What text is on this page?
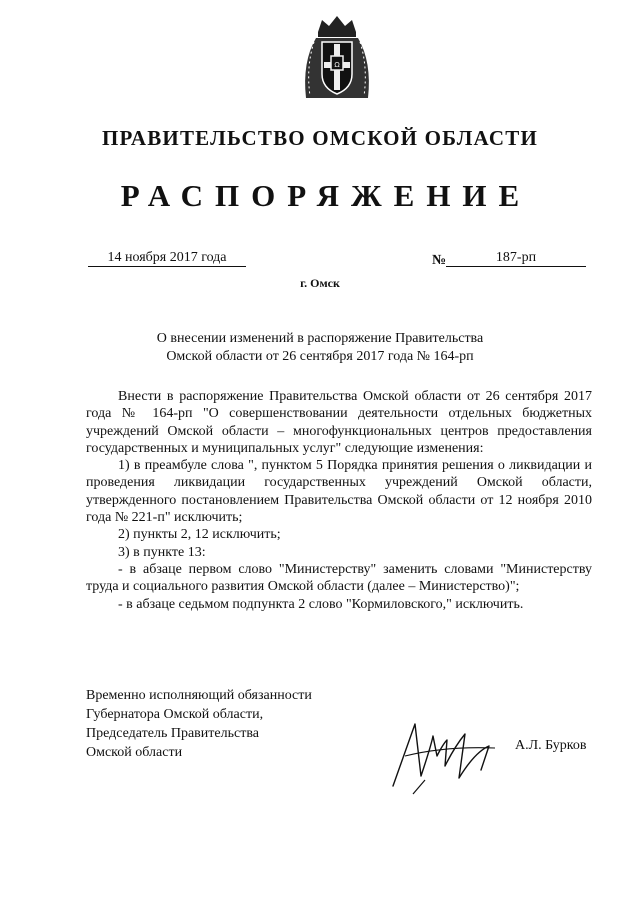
Ω
ПРАВИТЕЛЬСТВО ОМСКОЙ ОБЛАСТИ
РАСПОРЯЖЕНИЕ
14 ноября 2017 года	№	187-рп
г. Омск
О внесении изменений в распоряжение Правительства
Омской области от 26 сентября 2017 года № 164-рп

Внести в распоряжение Правительства Омской области от 26 сентября 2017 года № 164-рп "О совершенствовании деятельности отдельных бюджетных учреждений Омской области – многофункциональных центров предоставления государственных и муниципальных услуг" следующие изменения:

1) в преамбуле слова ", пунктом 5 Порядка принятия решения о ликвидации и проведения ликвидации государственных учреждений Омской области, утвержденного постановлением Правительства Омской области от 12 ноября 2010 года № 221-п" исключить;

2) пункты 2, 12 исключить;

3) в пункте 13:

- в абзаце первом слово "Министерству" заменить словами "Министерству труда и социального развития Омской области (далее – Министерство)";

- в абзаце седьмом подпункта 2 слово "Кормиловского," исключить.

Временно исполняющий обязанности
Губернатора Омской области,
Председатель Правительства
Омской области	А.Л. Бурков
